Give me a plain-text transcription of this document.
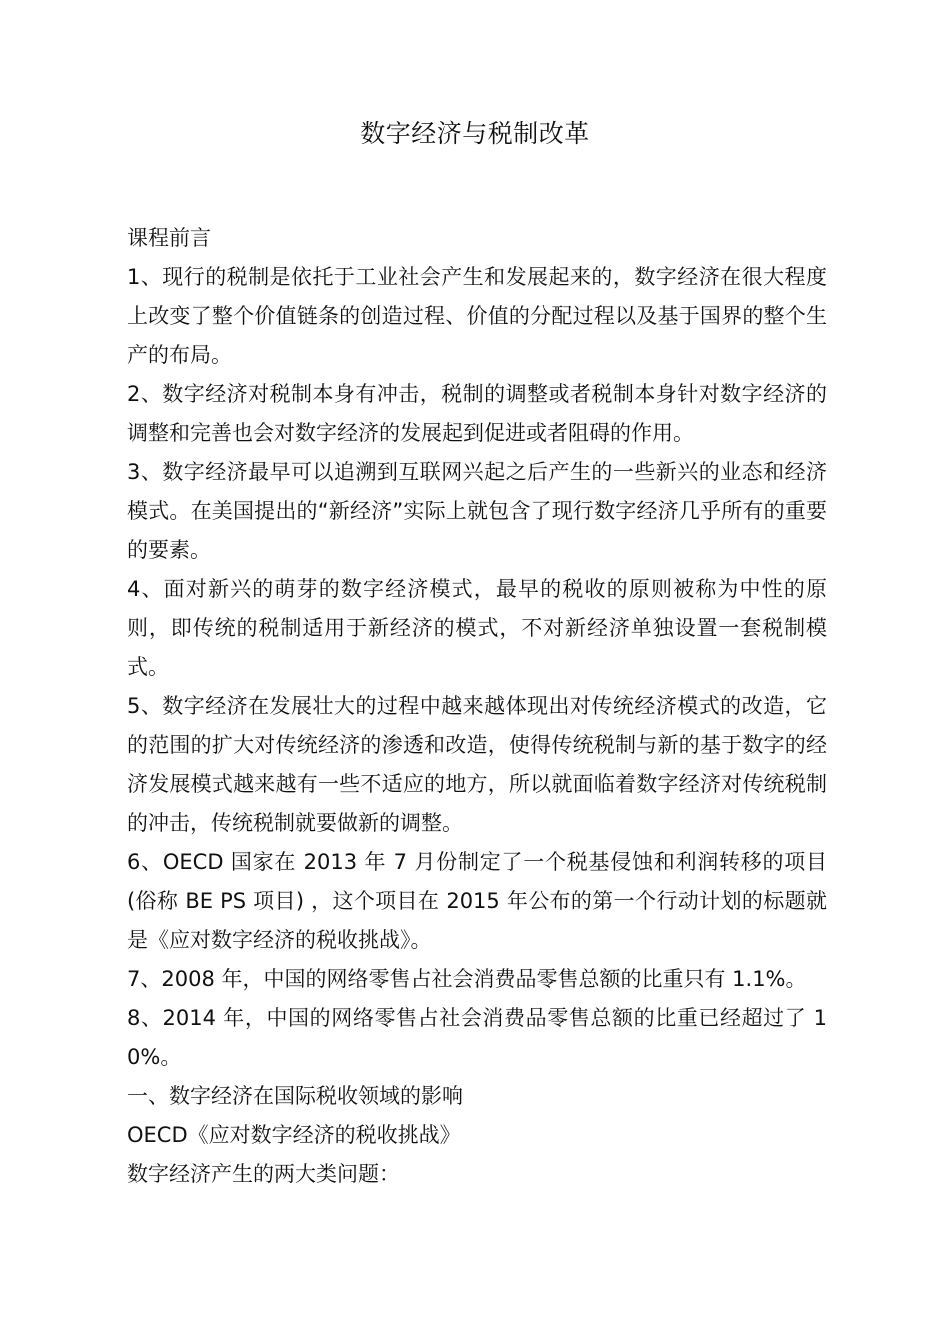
数字经济与税制改革

课程前言

1、现行的税制是依托于工业社会产生和发展起来的，数字经济在很大程度上改变了整个价值链条的创造过程、价值的分配过程以及基于国界的整个生产的布局。

2、数字经济对税制本身有冲击，税制的调整或者税制本身针对数字经济的调整和完善也会对数字经济的发展起到促进或者阻碍的作用。

3、数字经济最早可以追溯到互联网兴起之后产生的一些新兴的业态和经济模式。在美国提出的“新经济”实际上就包含了现行数字经济几乎所有的重要的要素。

4、面对新兴的萌芽的数字经济模式，最早的税收的原则被称为中性的原则，即传统的税制适用于新经济的模式，不对新经济单独设置一套税制模式。

5、数字经济在发展壮大的过程中越来越体现出对传统经济模式的改造，它的范围的扩大对传统经济的渗透和改造，使得传统税制与新的基于数字的经济发展模式越来越有一些不适应的地方，所以就面临着数字经济对传统税制的冲击，传统税制就要做新的调整。

6、OECD 国家在 2013 年 7 月份制定了一个税基侵蚀和利润转移的项目(俗称 BE PS 项目) ，这个项目在 2015 年公布的第一个行动计划的标题就是《应对数字经济的税收挑战》。

7、2008 年，中国的网络零售占社会消费品零售总额的比重只有 1.1%。

8、2014 年，中国的网络零售占社会消费品零售总额的比重已经超过了 10%。

一、数字经济在国际税收领域的影响

OECD《应对数字经济的税收挑战》

数字经济产生的两大类问题：
